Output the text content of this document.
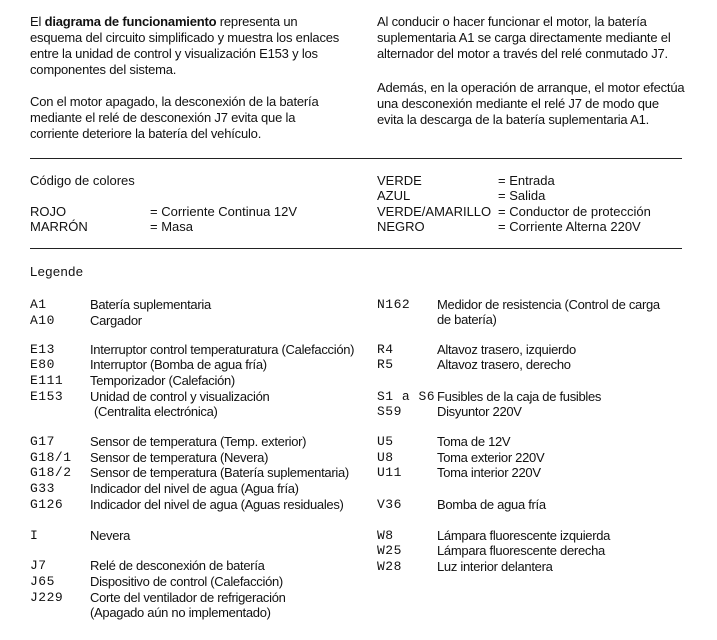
El diagrama de funcionamiento representa un esquema del circuito simplificado y muestra los enlaces entre la unidad de control y visualización E153 y los componentes del sistema.
Con el motor apagado, la desconexión de la batería mediante el relé de desconexión J7 evita que la corriente deteriore la batería del vehículo.
Al conducir o hacer funcionar el motor, la batería suplementaria A1 se carga directamente mediante el alternador del motor a través del relé conmutado J7.
Además, en la operación de arranque, el motor efectúa una desconexión mediante el relé J7 de modo que evita la descarga de la batería suplementaria A1.
Código de colores
ROJO	= Corriente Continua 12V
MARRÓN	= Masa
VERDE	= Entrada
AZUL	= Salida
VERDE/AMARILLO = Conductor de protección
NEGRO	= Corriente Alterna 220V
Legende
A1	Batería suplementaria
A10	Cargador
E13	Interruptor control temperaturatura (Calefacción)
E80	Interruptor (Bomba de agua fría)
E111 Temporizador (Calefación)
E153 Unidad de control y visualización
(Centralita electrónica)
G17	Sensor de temperatura (Temp. exterior)
G18/1 Sensor de temperatura (Nevera)
G18/2 Sensor de temperatura (Batería suplementaria)
G33	Indicador del nivel de agua (Agua fría)
G126 Indicador del nivel de agua (Aguas residuales)
I	Nevera
J7	Relé de desconexión de batería
J65	Dispositivo de control (Calefacción)
J229 Corte del ventilador de refrigeración
(Apagado aún no implementado)
N162 Medidor de resistencia (Control de carga
de batería)
R4	Altavoz trasero, izquierdo
R5	Altavoz trasero, derecho
S1 a S6 Fusibles de la caja de fusibles
S59	Disyuntor 220V
U5	Toma de 12V
U8	Toma exterior 220V
U11	Toma interior 220V
V36	Bomba de agua fría
W8	Lámpara fluorescente izquierda
W25	Lámpara fluorescente derecha
W28	Luz interior delantera
